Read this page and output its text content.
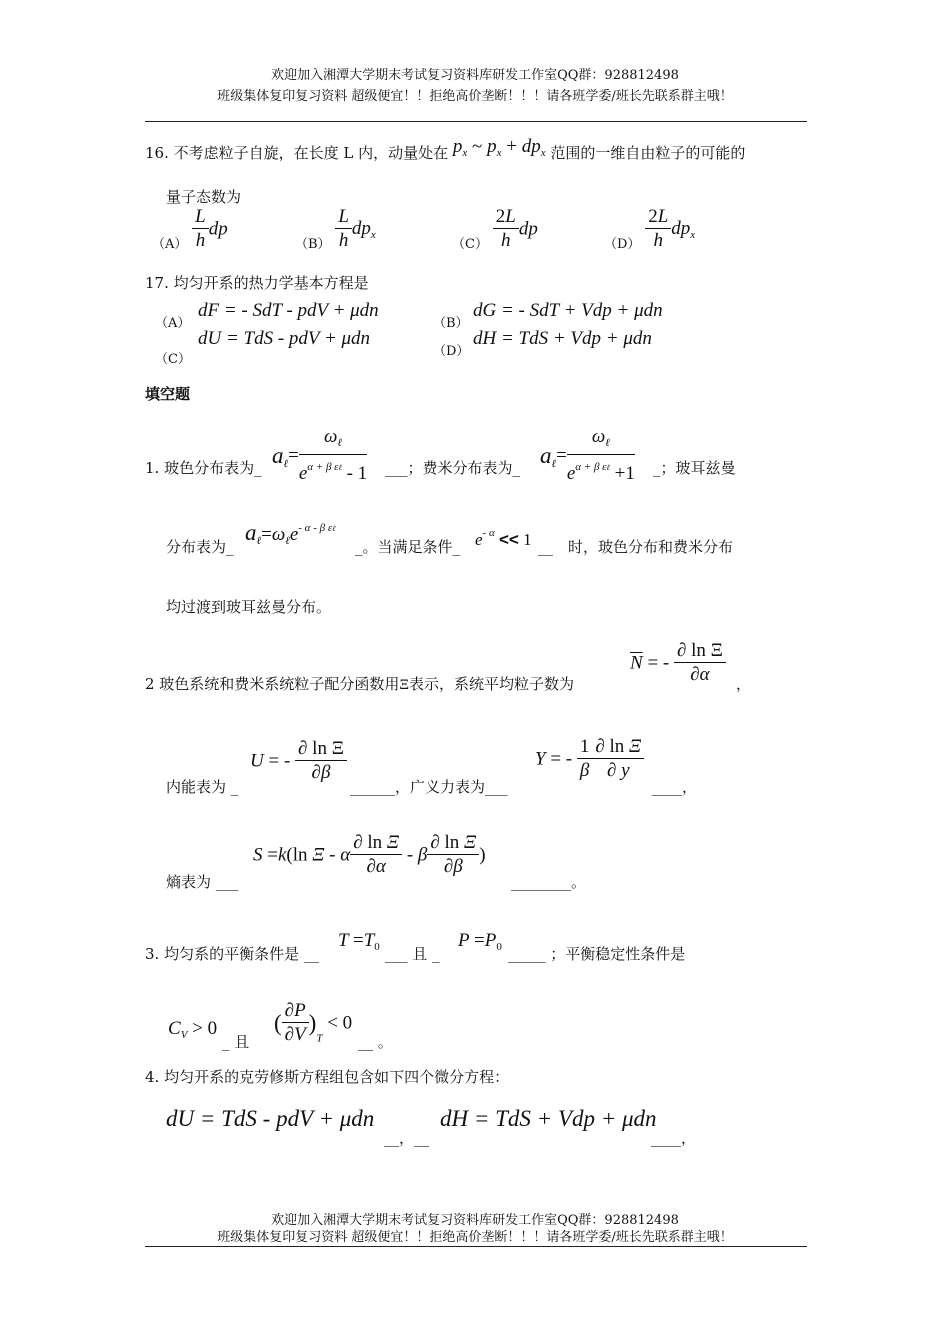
欢迎加入湘潭大学期末考试复习资料库研发工作室QQ群：928812498
班级集体复印复习资料 超级便宜！！拒绝高价垄断！！！请各班学委/班长先联系群主哦！
16. 不考虑粒子自旋，在长度 L 内，动量处在 $p_x$ ~ $p_x + dp_x$ 范围的一维自由粒子的可能的
量子态数为
$(A) \frac{L}{h}$ dp
$(B) \frac{L}{h} dp_x$
$(C) \frac{2L}{h}$ dp
$(D) \frac{2L}{h} dp_x$
17. 均匀开系的热力学基本方程是
（A）
dF = - SdT - pdV + μdn
（C）
dU = TdS - pdV + μdn
（B）
dG = - SdT + Vdp + μdn
（D）
dH = TdS + Vdp + μdn
填空题
1. 玻色分布表为_
$a_\ell= \frac{\omega_\ell}{e^{\alpha + \beta \varepsilon\ell} - 1}$ ___；费米分布表为_
$a_\ell= \frac{\omega_\ell}{e^{\alpha + \beta \varepsilon\ell} +1}$ _；玻耳兹曼
分布表为_
$a_\ell=\omega_\ell e^{- \alpha - \beta \varepsilon\ell}$
_。当满足条件_ $e^{- \alpha} << 1$ __　时，玻色分布和费米分布
均过渡到玻耳兹曼分布。
2 玻色系统和费米系统粒子配分函数用Ξ表示，系统平均粒子数为
$\overline{N}$ = - $\frac{\text{∂ ln Ξ}}{\partial\alpha}$ ，
内能表为 _
U = - $\frac{\text{∂ ln Ξ}}{\partial\beta}$
______，广义力表为___
Y = - $\frac{1}{\beta} \frac{\text{∂ ln Ξ}}{\partial y}$
____，
熵表为 ___
S =k(ln Ξ - α $\frac{\text{∂ ln Ξ}}{\partial\alpha}$ - β $\frac{\text{∂ ln Ξ}}{\partial\beta}$ )
________。
3. 均匀系的平衡条件是 __
$T =T_0$ ___ 且 _
$P =P_0$ _____ ；平衡稳定性条件是
$C_V > 0$
_ 且
( $\frac{\partial P}{\partial V} )_T < 0$
__ 。
4. 均匀开系的克劳修斯方程组包含如下四个微分方程：
dU = TdS - pdV + μdn
__，__
dH = TdS + Vdp + μdn
____，
欢迎加入湘潭大学期末考试复习资料库研发工作室QQ群：928812498
班级集体复印复习资料 超级便宜！！拒绝高价垄断！！！请各班学委/班长先联系群主哦！
